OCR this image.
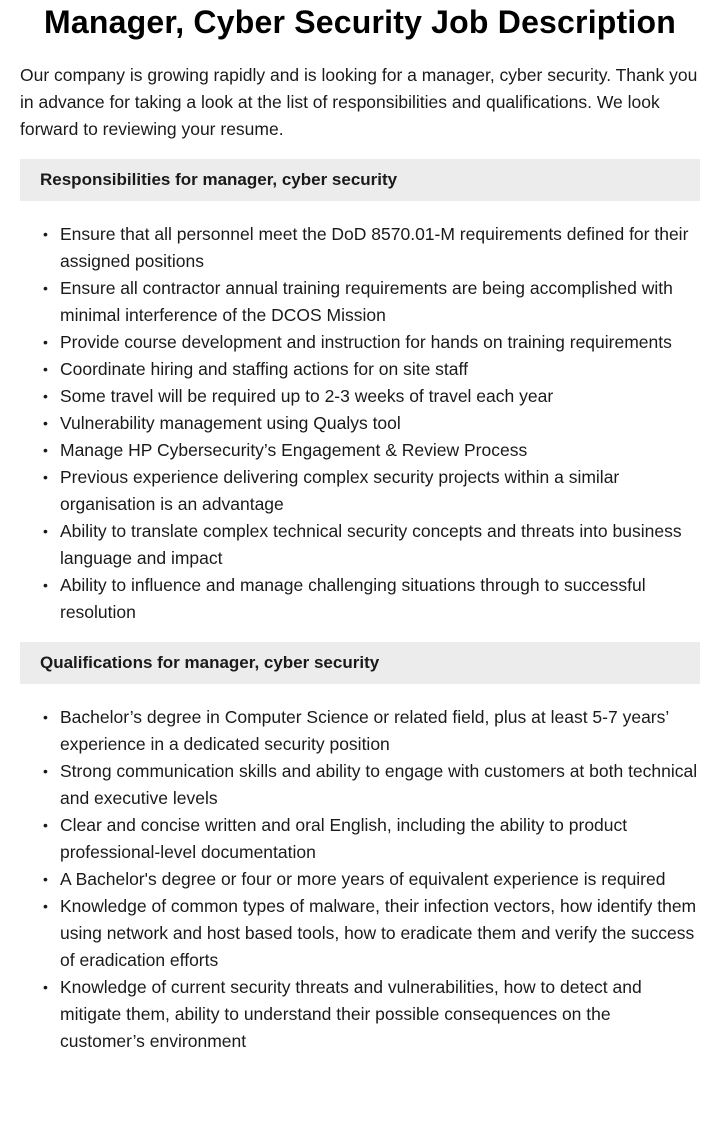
Manager, Cyber Security Job Description

Our company is growing rapidly and is looking for a manager, cyber security. Thank you in advance for taking a look at the list of responsibilities and qualifications. We look forward to reviewing your resume.

Responsibilities for manager, cyber security
• Ensure that all personnel meet the DoD 8570.01-M requirements defined for their assigned positions
• Ensure all contractor annual training requirements are being accomplished with minimal interference of the DCOS Mission
• Provide course development and instruction for hands on training requirements
• Coordinate hiring and staffing actions for on site staff
• Some travel will be required up to 2-3 weeks of travel each year
• Vulnerability management using Qualys tool
• Manage HP Cybersecurity’s Engagement & Review Process
• Previous experience delivering complex security projects within a similar organisation is an advantage
• Ability to translate complex technical security concepts and threats into business language and impact
• Ability to influence and manage challenging situations through to successful resolution
Qualifications for manager, cyber security
• Bachelor’s degree in Computer Science or related field, plus at least 5-7 years’ experience in a dedicated security position
• Strong communication skills and ability to engage with customers at both technical and executive levels
• Clear and concise written and oral English, including the ability to product professional-level documentation
• A Bachelor's degree or four or more years of equivalent experience is required
• Knowledge of common types of malware, their infection vectors, how identify them using network and host based tools, how to eradicate them and verify the success of eradication efforts
• Knowledge of current security threats and vulnerabilities, how to detect and mitigate them, ability to understand their possible consequences on the customer’s environment
